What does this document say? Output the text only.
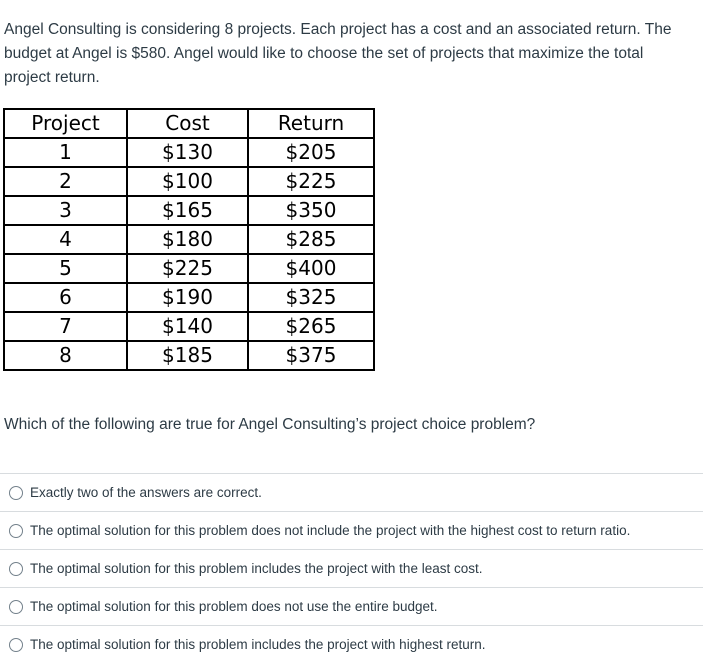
Angel Consulting is considering 8 projects. Each project has a cost and an associated return. The budget at Angel is $580. Angel would like to choose the set of projects that maximize the total project return.

Project	Cost	Return
1	$130	$205
2	$100	$225
3	$165	$350
4	$180	$285
5	$225	$400
6	$190	$325
7	$140	$265
8	$185	$375

Which of the following are true for Angel Consulting’s project choice problem?

Exactly two of the answers are correct.
The optimal solution for this problem does not include the project with the highest cost to return ratio.
The optimal solution for this problem includes the project with the least cost.
The optimal solution for this problem does not use the entire budget.
The optimal solution for this problem includes the project with highest return.
